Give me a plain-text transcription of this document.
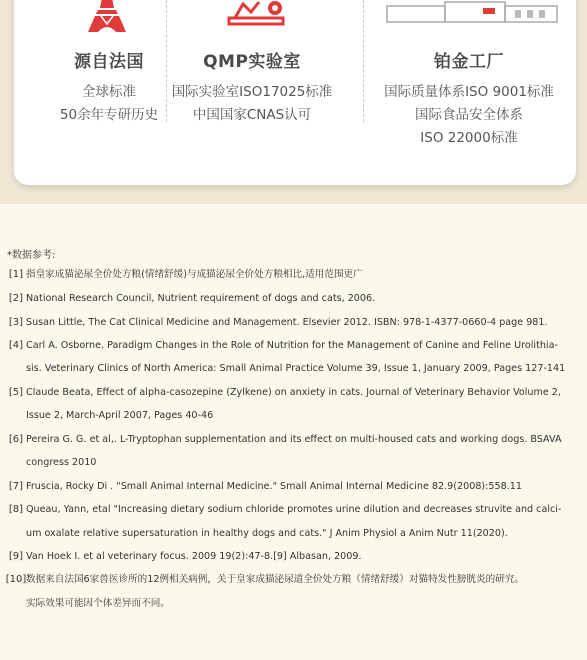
源自法国
全球标准
50余年专研历史
QMP实验室
国际实验室ISO17025标准
中国国家CNAS认可
铂金工厂
国际质量体系ISO 9001标准
国际食品安全体系
ISO 22000标准
*数据参考:
[1] 指皇家成猫泌尿全价处方粮(情绪舒缓)与成猫泌尿全价处方粮相比,适用范围更广
[2] National Research Council, Nutrient requirement of dogs and cats, 2006.
[3] Susan Little, The Cat Clinical Medicine and Management. Elsevier 2012. ISBN: 978-1-4377-0660-4 page 981.
[4] Carl A. Osborne. Paradigm Changes in the Role of Nutrition for the Management of Canine and Feline Urolithia-
sis. Veterinary Clinics of North America: Small Animal Practice Volume 39, Issue 1, January 2009, Pages 127-141
[5] Claude Beata, Effect of alpha-casozepine (Zylkene) on anxiety in cats. Journal of Veterinary Behavior Volume 2,
Issue 2, March-April 2007, Pages 40-46
[6] Pereira G. G. et al,. L-Tryptophan supplementation and its effect on multi-housed cats and working dogs. BSAVA
congress 2010
[7] Fruscia, Rocky Di . "Small Animal Internal Medicine." Small Animal Internal Medicine 82.9(2008):558.11
[8] Queau, Yann, etal "Increasing dietary sodium chloride promotes urine dilution and decreases struvite and calci-
um oxalate relative supersaturation in healthy dogs and cats." J Anim Physiol a Anim Nutr 11(2020).
[9] Van Hoek I. et al veterinary focus. 2009 19(2):47-8.[9] Albasan, 2009.
[10] 数据来自法国6家兽医诊所的12例相关病例，关于皇家成猫泌尿道全价处方粮（情绪舒缓）对猫特发性膀胱炎的研究。
实际效果可能因个体差异而不同。
